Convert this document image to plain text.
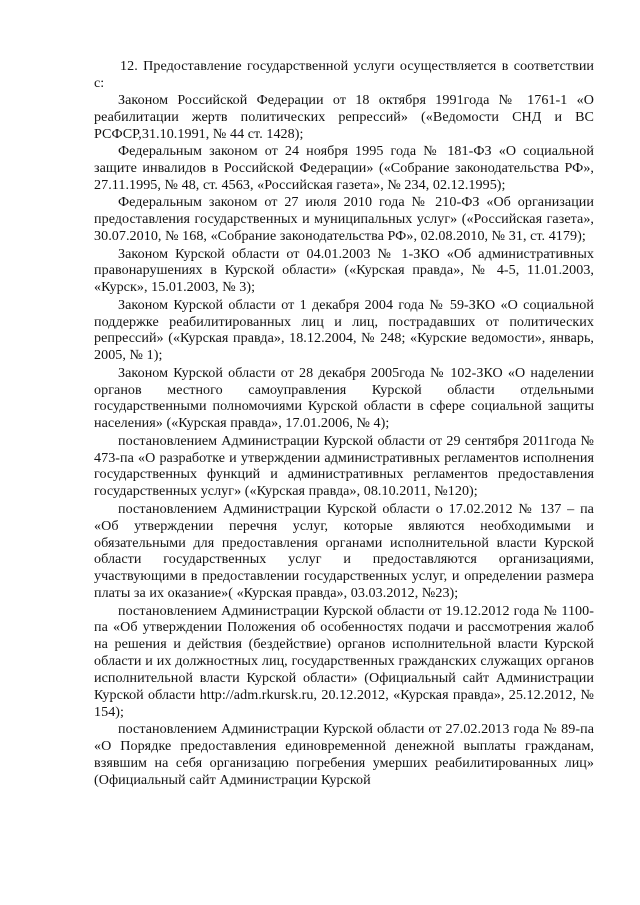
12. Предоставление государственной услуги осуществляется в соответствии с:

Законом Российской Федерации от 18 октября 1991года № 1761-1 «О реабилитации жертв политических репрессий» («Ведомости СНД и ВС РСФСР,31.10.1991, № 44 ст. 1428);

Федеральным законом от 24 ноября 1995 года № 181-ФЗ «О социальной защите инвалидов в Российской Федерации» («Собрание законодательства РФ», 27.11.1995, № 48, ст. 4563, «Российская газета», № 234, 02.12.1995);

Федеральным законом от 27 июля 2010 года № 210-ФЗ «Об организации предоставления государственных и муниципальных услуг» («Российская газета», 30.07.2010, № 168, «Собрание законодательства РФ», 02.08.2010, № 31, ст. 4179);

Законом Курской области от 04.01.2003 № 1-ЗКО «Об административных правонарушениях в Курской области» («Курская правда», № 4-5, 11.01.2003, «Курск», 15.01.2003, № 3);

Законом Курской области от 1 декабря 2004 года № 59-ЗКО «О социальной поддержке реабилитированных лиц и лиц, пострадавших от политических репрессий» («Курская правда», 18.12.2004, № 248; «Курские ведомости», январь, 2005, № 1);

Законом Курской области от 28 декабря 2005года № 102-ЗКО «О наделении органов местного самоуправления Курской области отдельными государственными полномочиями Курской области в сфере социальной защиты населения» («Курская правда», 17.01.2006, № 4);

постановлением Администрации Курской области от 29 сентября 2011года № 473-па «О разработке и утверждении административных регламентов исполнения государственных функций и административных регламентов предоставления государственных услуг» («Курская правда», 08.10.2011, №120);

постановлением Администрации Курской области о 17.02.2012 № 137 – па «Об утверждении перечня услуг, которые являются необходимыми и обязательными для предоставления органами исполнительной власти Курской области государственных услуг и предоставляются организациями, участвующими в предоставлении государственных услуг, и определении размера платы за их оказание»( «Курская правда», 03.03.2012, №23);

постановлением Администрации Курской области от 19.12.2012 года № 1100-па «Об утверждении Положения об особенностях подачи и рассмотрения жалоб на решения и действия (бездействие) органов исполнительной власти Курской области и их должностных лиц, государственных гражданских служащих органов исполнительной власти Курской области» (Официальный сайт Администрации Курской области http://adm.rkursk.ru, 20.12.2012, «Курская правда», 25.12.2012, № 154);

постановлением Администрации Курской области от 27.02.2013 года № 89-па «О Порядке предоставления единовременной денежной выплаты гражданам, взявшим на себя организацию погребения умерших реабилитированных лиц» (Официальный сайт Администрации Курской
